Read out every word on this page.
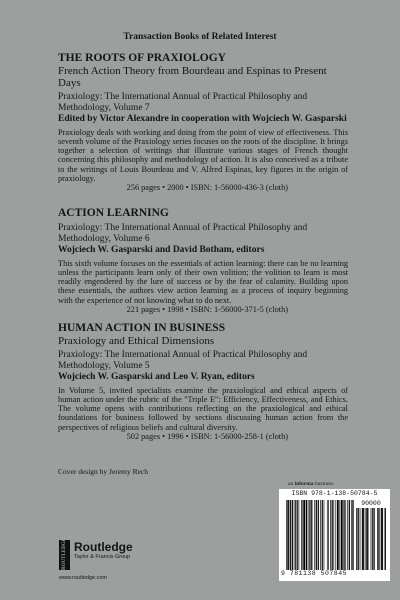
Transaction Books of Related Interest

THE ROOTS OF PRAXIOLOGY

French Action Theory from Bourdeau and Espinas to Present Days

Praxiology: The International Annual of Practical Philosophy and Methodology, Volume 7
Edited by Victor Alexandre in cooperation with Wojciech W. Gasparski
Praxiology deals with working and doing from the point of view of effectiveness. This seventh volume of the Praxiology series focuses on the roots of the discipline. It brings together a selection of writings that illustrate various stages of French thought concerning this philosophy and methodology of action. It is also conceived as a tribute to the writings of Louis Bourdeau and V. Alfred Espinas, key figures in the origin of praxiology.
256 pages • 2000 • ISBN: 1-56000-436-3 (cloth)

ACTION LEARNING

Praxiology: The International Annual of Practical Philosophy and Methodology, Volume 6
Wojciech W. Gasparski and David Botham, editors
This sixth volume focuses on the essentials of action learning: there can be no learning unless the participants learn only of their own volition; the volition to learn is most readily engendered by the lure of success or by the fear of calamity. Building upon these essentials, the authors view action learning as a process of inquiry beginning with the experience of not knowing what to do next.
221 pages • 1998 • ISBN: 1-56000-371-5 (cloth)

HUMAN ACTION IN BUSINESS

Praxiology and Ethical Dimensions

Praxiology: The International Annual of Practical Philosophy and Methodology, Volume 5
Wojciech W. Gasparski and Leo V. Ryan, editors
In Volume 5, invited specialists examine the praxiological and ethical aspects of human action under the rubric of the "Triple E": Efficiency, Effectiveness, and Ethics. The volume opens with contributions reflecting on the praxiological and ethical foundations for business followed by sections discussing human action from the perspectives of religious beliefs and cultural diversity.
502 pages • 1996 • ISBN: 1-56000-258-1 (cloth)
Cover design by Jeremy Rech
an informa business
ISBN 978-1-138-50784-5
90000
9 781138 507845
ROUTLEDGE Routledge
Taylor & Francis Group
www.routledge.com
